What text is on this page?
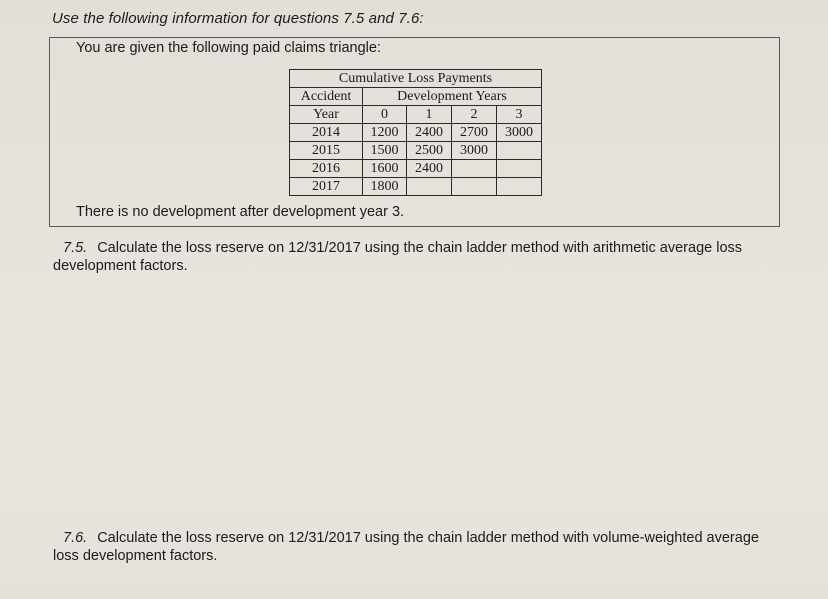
Use the following information for questions 7.5 and 7.6:
You are given the following paid claims triangle:
Cumulative Loss Payments				
Accident	Development Years			
Year	0	1	2	3
2014	1200	2400	2700	3000
2015	1500	2500	3000	
2016	1600	2400		
2017	1800			
There is no development after development year 3.
7.5. Calculate the loss reserve on 12/31/2017 using the chain ladder method with arithmetic average loss development factors.
7.6. Calculate the loss reserve on 12/31/2017 using the chain ladder method with volume-weighted average loss development factors.
